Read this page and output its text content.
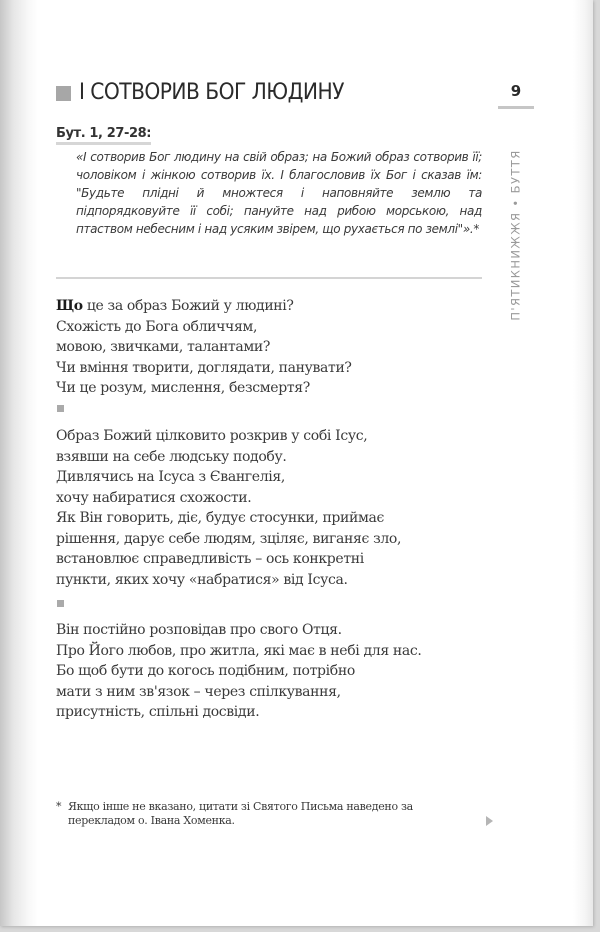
І СОТВОРИВ БОГ ЛЮДИНУ	9
П'ЯТИКНИЖЖЯ • БУТТЯ
Бут. 1, 27-28:
«І сотворив Бог людину на свій образ; на Божий образ сотворив її; чоловіком і жінкою сотворив їх. І благословив їх Бог і сказав їм: "Будьте плідні й множтеся і наповняйте землю та підпорядковуйте її собі; пануйте над рибою морською, над птаством небесним і над усяким звірем, що рухається по землі"».*
Що це за образ Божий у людині?
Схожість до Бога обличчям,
мовою, звичками, талантами?
Чи вміння творити, доглядати, панувати?
Чи це розум, мислення, безсмертя?
Образ Божий цілковито розкрив у собі Ісус,
взявши на себе людську подобу.
Дивлячись на Ісуса з Євангелія,
хочу набиратися схожости.
Як Він говорить, діє, будує стосунки, приймає
рішення, дарує себе людям, зціляє, виганяє зло,
встановлює справедливість – ось конкретні
пункти, яких хочу «набратися» від Ісуса.
Він постійно розповідав про свого Отця.
Про Його любов, про житла, які має в небі для нас.
Бо щоб бути до когось подібним, потрібно
мати з ним зв'язок – через спілкування,
присутність, спільні досвіди.
* Якщо інше не вказано, цитати зі Святого Письма наведено за перекладом о. Івана Хоменка.
